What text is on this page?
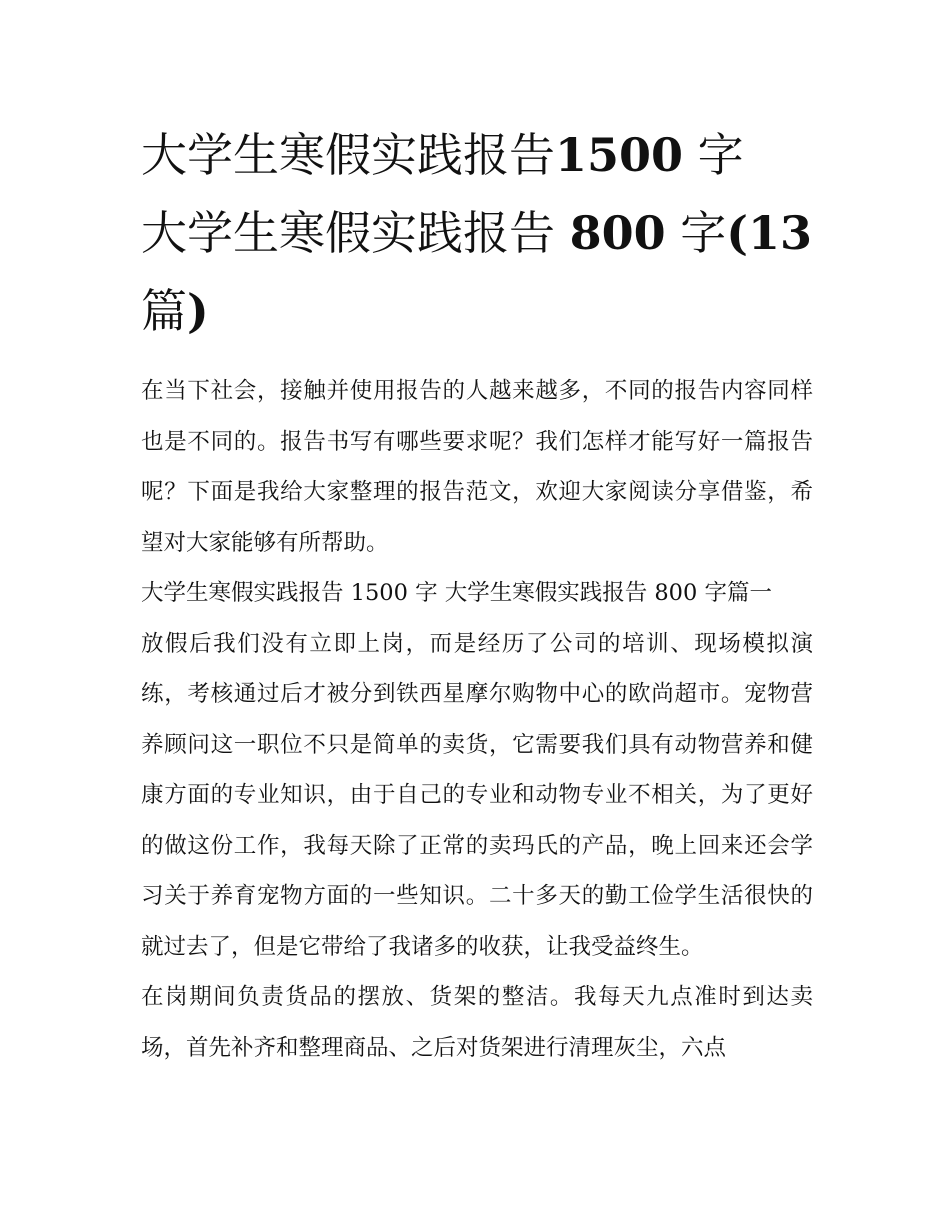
大学生寒假实践报告1500 字
大学生寒假实践报告 800 字(13
篇)

在当下社会，接触并使用报告的人越来越多，不同的报告内容同样也是不同的。报告书写有哪些要求呢？我们怎样才能写好一篇报告呢？下面是我给大家整理的报告范文，欢迎大家阅读分享借鉴，希望对大家能够有所帮助。

大学生寒假实践报告 1500 字 大学生寒假实践报告 800 字篇一

放假后我们没有立即上岗，而是经历了公司的培训、现场模拟演练，考核通过后才被分到铁西星摩尔购物中心的欧尚超市。宠物营养顾问这一职位不只是简单的卖货，它需要我们具有动物营养和健康方面的专业知识，由于自己的专业和动物专业不相关，为了更好的做这份工作，我每天除了正常的卖玛氏的产品，晚上回来还会学习关于养育宠物方面的一些知识。二十多天的勤工俭学生活很快的就过去了，但是它带给了我诸多的收获，让我受益终生。

在岗期间负责货品的摆放、货架的整洁。我每天九点准时到达卖场，首先补齐和整理商品、之后对货架进行清理灰尘，六点
